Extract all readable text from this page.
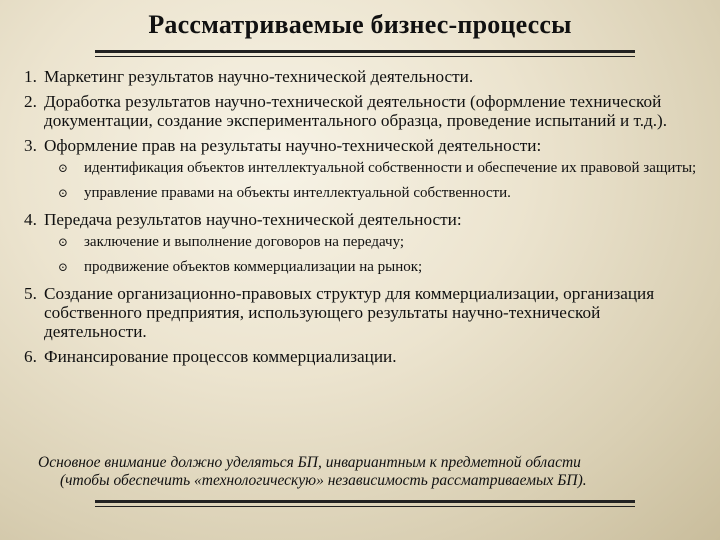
Рассматриваемые бизнес-процессы
1. Маркетинг результатов научно-технической деятельности.
2. Доработка результатов научно-технической деятельности (оформление технической документации, создание экспериментального образца, проведение испытаний и т.д.).
3. Оформление прав на результаты научно-технической деятельности:
⊙ идентификация объектов интеллектуальной собственности и обеспечение их правовой защиты;
⊙ управление правами на объекты интеллектуальной собственности.
4. Передача результатов научно-технической деятельности:
⊙ заключение и выполнение договоров на передачу;
⊙ продвижение объектов коммерциализации на рынок;
5. Создание организационно-правовых структур для коммерциализации, организация собственного предприятия, использующего результаты научно-технической деятельности.
6. Финансирование процессов коммерциализации.
Основное внимание должно уделяться БП, инвариантным к предметной области
(чтобы обеспечить «технологическую» независимость рассматриваемых БП).
